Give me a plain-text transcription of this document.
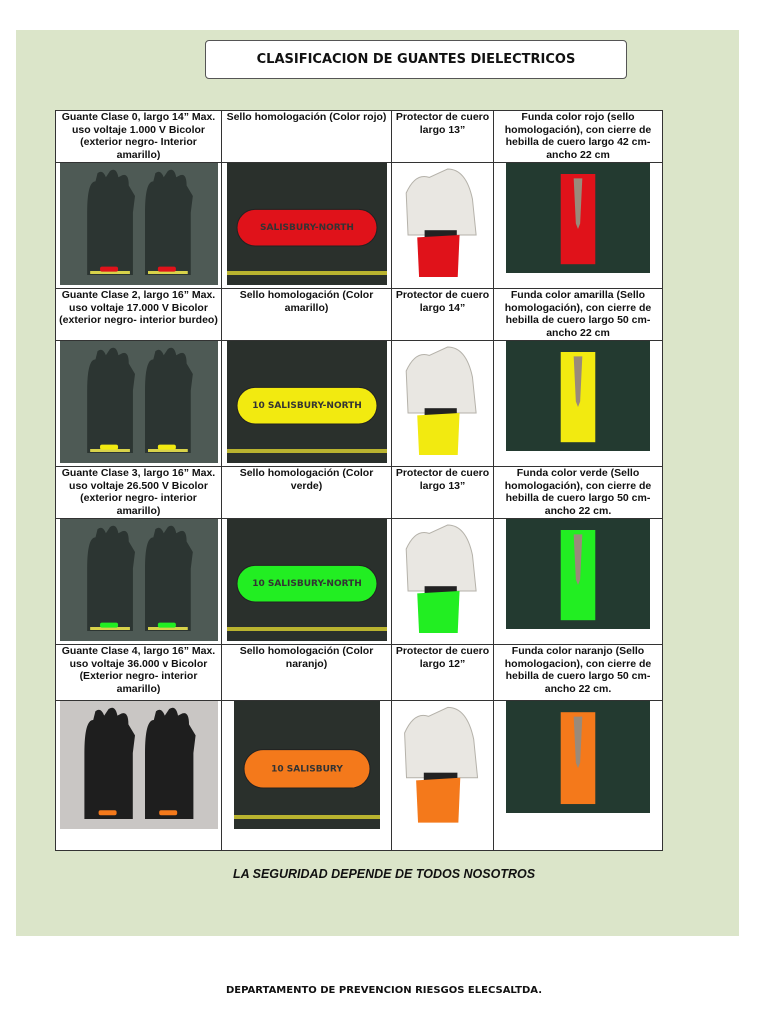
CLASIFICACION DE GUANTES DIELECTRICOS
Guante Clase 0, largo 14” Max. uso voltaje 1.000 V Bicolor (exterior negro- Interior amarillo)	Sello homologación (Color rojo)	Protector de cuero largo 13”	Funda color rojo (sello homologación), con cierre de hebilla de cuero largo 42 cm- ancho 22 cm

SALISBURY-NORTH

Guante Clase 2, largo 16” Max. uso voltaje 17.000 V Bicolor (exterior negro- interior burdeo)	Sello homologación (Color amarillo)	Protector de cuero largo 14”	Funda color amarilla (Sello homologación), con cierre de hebilla de cuero largo 50 cm- ancho 22 cm

10 SALISBURY-NORTH

Guante Clase 3, largo 16” Max. uso voltaje 26.500 V Bicolor (exterior negro- interior amarillo)	Sello homologación (Color verde)	Protector de cuero largo 13”	Funda color verde (Sello homologación), con cierre de hebilla de cuero largo 50 cm-ancho 22 cm.

10 SALISBURY-NORTH

Guante Clase 4, largo 16” Max. uso voltaje 36.000 v Bicolor (Exterior negro- interior amarillo)	Sello homologación (Color naranjo)	Protector de cuero largo 12”	Funda color naranjo (Sello homologacion), con cierre de hebilla de cuero largo 50 cm-ancho 22 cm.

10 SALISBURY

LA SEGURIDAD DEPENDE DE TODOS NOSOTROS
DEPARTAMENTO DE PREVENCION RIESGOS ELECSALTDA.
